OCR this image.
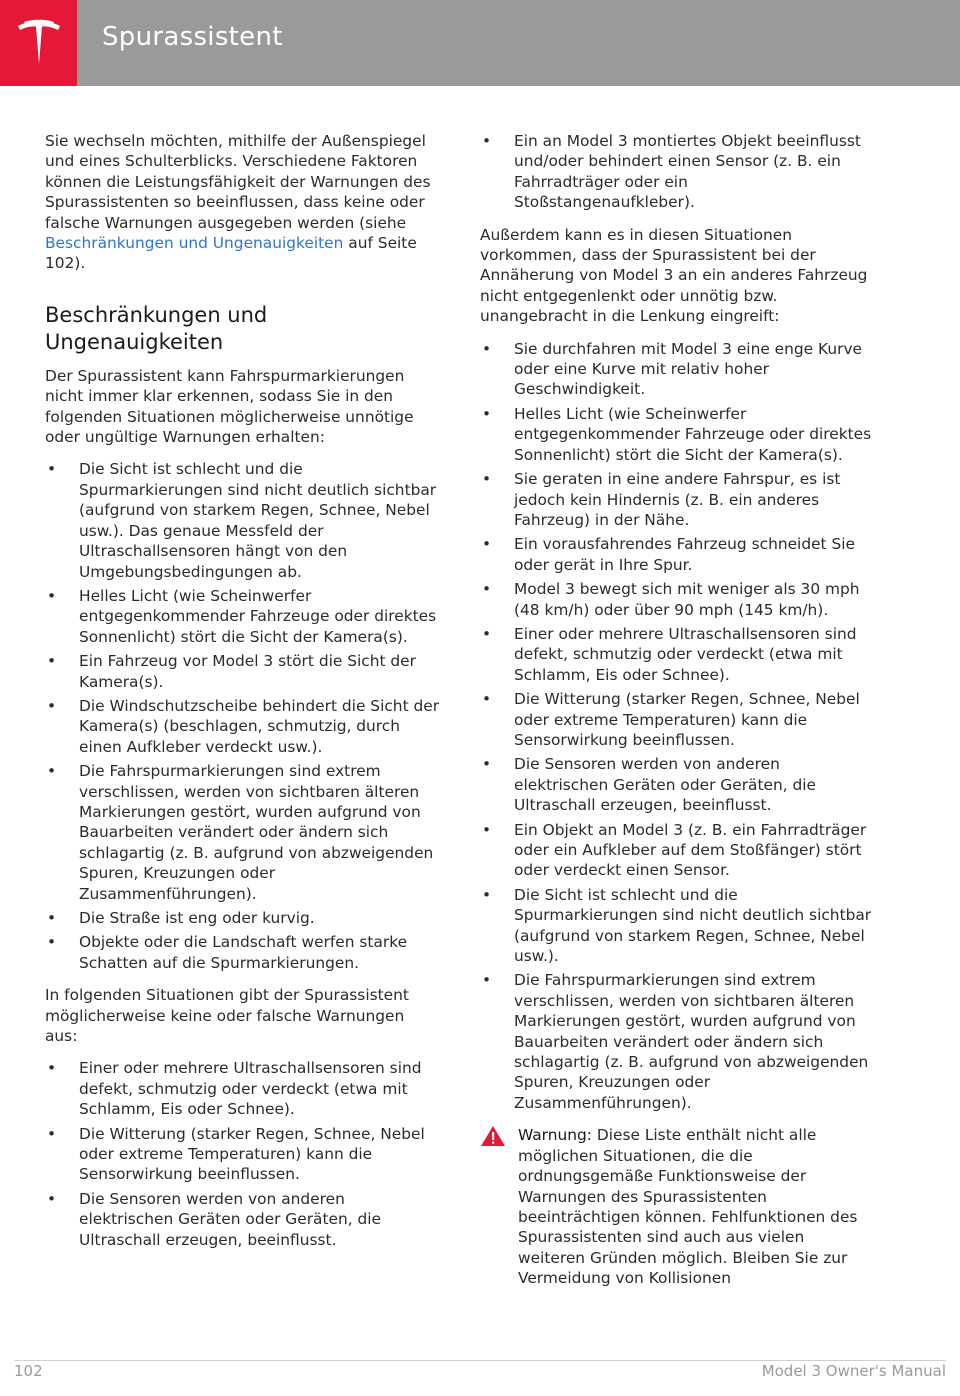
Spurassistent

Sie wechseln möchten, mithilfe der Außenspiegel und eines Schulterblicks. Verschiedene Faktoren können die Leistungsfähigkeit der Warnungen des Spurassistenten so beeinflussen, dass keine oder falsche Warnungen ausgegeben werden (siehe Beschränkungen und Ungenauigkeiten auf Seite 102).

Beschränkungen und Ungenauigkeiten

Der Spurassistent kann Fahrspurmarkierungen nicht immer klar erkennen, sodass Sie in den folgenden Situationen möglicherweise unnötige oder ungültige Warnungen erhalten:

• Die Sicht ist schlecht und die Spurmarkierungen sind nicht deutlich sichtbar (aufgrund von starkem Regen, Schnee, Nebel usw.). Das genaue Messfeld der Ultraschallsensoren hängt von den Umgebungsbedingungen ab.
• Helles Licht (wie Scheinwerfer entgegenkommender Fahrzeuge oder direktes Sonnenlicht) stört die Sicht der Kamera(s).
• Ein Fahrzeug vor Model 3 stört die Sicht der Kamera(s).
• Die Windschutzscheibe behindert die Sicht der Kamera(s) (beschlagen, schmutzig, durch einen Aufkleber verdeckt usw.).
• Die Fahrspurmarkierungen sind extrem verschlissen, werden von sichtbaren älteren Markierungen gestört, wurden aufgrund von Bauarbeiten verändert oder ändern sich schlagartig (z. B. aufgrund von abzweigenden Spuren, Kreuzungen oder Zusammenführungen).
• Die Straße ist eng oder kurvig.
• Objekte oder die Landschaft werfen starke Schatten auf die Spurmarkierungen.

In folgenden Situationen gibt der Spurassistent möglicherweise keine oder falsche Warnungen aus:

• Einer oder mehrere Ultraschallsensoren sind defekt, schmutzig oder verdeckt (etwa mit Schlamm, Eis oder Schnee).
• Die Witterung (starker Regen, Schnee, Nebel oder extreme Temperaturen) kann die Sensorwirkung beeinflussen.
• Die Sensoren werden von anderen elektrischen Geräten oder Geräten, die Ultraschall erzeugen, beeinflusst.
• Ein an Model 3 montiertes Objekt beeinflusst und/oder behindert einen Sensor (z. B. ein Fahrradträger oder ein Stoßstangenaufkleber).

Außerdem kann es in diesen Situationen vorkommen, dass der Spurassistent bei der Annäherung von Model 3 an ein anderes Fahrzeug nicht entgegenlenkt oder unnötig bzw. unangebracht in die Lenkung eingreift:

• Sie durchfahren mit Model 3 eine enge Kurve oder eine Kurve mit relativ hoher Geschwindigkeit.
• Helles Licht (wie Scheinwerfer entgegenkommender Fahrzeuge oder direktes Sonnenlicht) stört die Sicht der Kamera(s).
• Sie geraten in eine andere Fahrspur, es ist jedoch kein Hindernis (z. B. ein anderes Fahrzeug) in der Nähe.
• Ein vorausfahrendes Fahrzeug schneidet Sie oder gerät in Ihre Spur.
• Model 3 bewegt sich mit weniger als 30 mph (48 km/h) oder über 90 mph (145 km/h).
• Einer oder mehrere Ultraschallsensoren sind defekt, schmutzig oder verdeckt (etwa mit Schlamm, Eis oder Schnee).
• Die Witterung (starker Regen, Schnee, Nebel oder extreme Temperaturen) kann die Sensorwirkung beeinflussen.
• Die Sensoren werden von anderen elektrischen Geräten oder Geräten, die Ultraschall erzeugen, beeinflusst.
• Ein Objekt an Model 3 (z. B. ein Fahrradträger oder ein Aufkleber auf dem Stoßfänger) stört oder verdeckt einen Sensor.
• Die Sicht ist schlecht und die Spurmarkierungen sind nicht deutlich sichtbar (aufgrund von starkem Regen, Schnee, Nebel usw.).
• Die Fahrspurmarkierungen sind extrem verschlissen, werden von sichtbaren älteren Markierungen gestört, wurden aufgrund von Bauarbeiten verändert oder ändern sich schlagartig (z. B. aufgrund von abzweigenden Spuren, Kreuzungen oder Zusammenführungen).
Warnung: Diese Liste enthält nicht alle möglichen Situationen, die die ordnungsgemäße Funktionsweise der Warnungen des Spurassistenten beeinträchtigen können. Fehlfunktionen des Spurassistenten sind auch aus vielen weiteren Gründen möglich. Bleiben Sie zur Vermeidung von Kollisionen
102	Model 3 Owner's Manual
